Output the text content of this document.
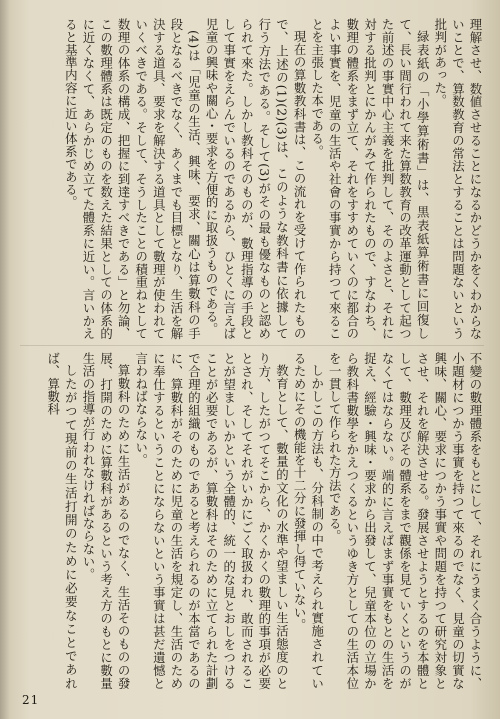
理解させ、数値させることになるかどうかをくわからないことで、算数教育の常法とすることは問題ないという批判があった。

緑表紙の「小學算術書」は、黒表紙算術書に回復して、長い間行われて来た算数教育の改革運動として起つた前述の事實中心主義を批判して、そのよさと、それに対する批判とにかんがみて作られたもので、すなわち、數理の體系をまず立て、それをすすめていくのに都合のよい事實を、児童の生活や社會の事實から持つて來ることを主張した本である。

現在の算數教科書は、この流れを受けて作られたもので、上述の(1)(2)(3)は、このような教科書に依據して行う方法である。そして(3)がその最も優なものと認められて來た。しかし教科そのものが、數理指導の手段として事實をえらんでいるのであるから、ひとくに言えば児童の興味や關心・要求を方便的に取扱うものである。

(4)は「児童の生活、興味、要求、關心は算數科の手段となるべきでなく、あくまでも目標となり、生活を解決する道具、要求を解決する道具として數理が使われていくべきである。そして、そうしたことの積重ねとして数理の体系の構成、把握に到達すべきである」と勿論、この數理體系は既定のものを数えた結果としての体系的に近くなくて、あらかじめ立てた體系に近い。言いかえると基準内容に近い体系である。

不變の數理體系をもとにして、それにうまく合うように、小題材につかう事實を持つて來るのでなく、見童の切實な興味、關心、要求につかう事實や問題を持つて研究対象とさせ、それを解決させる。發展させようとするのを本體として、數理及びその體系をまで觀係を見ていくというのがなくてはならない。端的に言えばまず事實をもとの生活を捉え、經驗・興味・要求から出發して、兒童本位の立場から教科書數學をかえつくるというゆき方としての生活本位を一貫して作られた方法である。

しかしこの方法も、分科制の中で考えられ實施されているためにその機能を十二分に發揮し得ていない。

教育として、數量的文化の水準や望ましい生活態度のとり方、したがつてそこから、かくかくの數理的事項が必要とされ、そしてそれがいかにごく取扱われ、敢而されることが望ましいかという全體的、統一的な見とおしをつけることが必要であるが、算數科はそのために立てられた計劃で合理的組織のものであると考えられるのが本當であるのに、算數科がそのために児童の生活を規定し、生活のために奉仕するということにならないという事實は甚だ遺憾と言わねばならない。

算數科のために生活があるのでなく、生活そのものの發展、打開のために算數科があるという考え方のもとに數量生活の指導が行われなければならない。

したがつて現前の生活打開のために必要なことであれば、算數科

21
